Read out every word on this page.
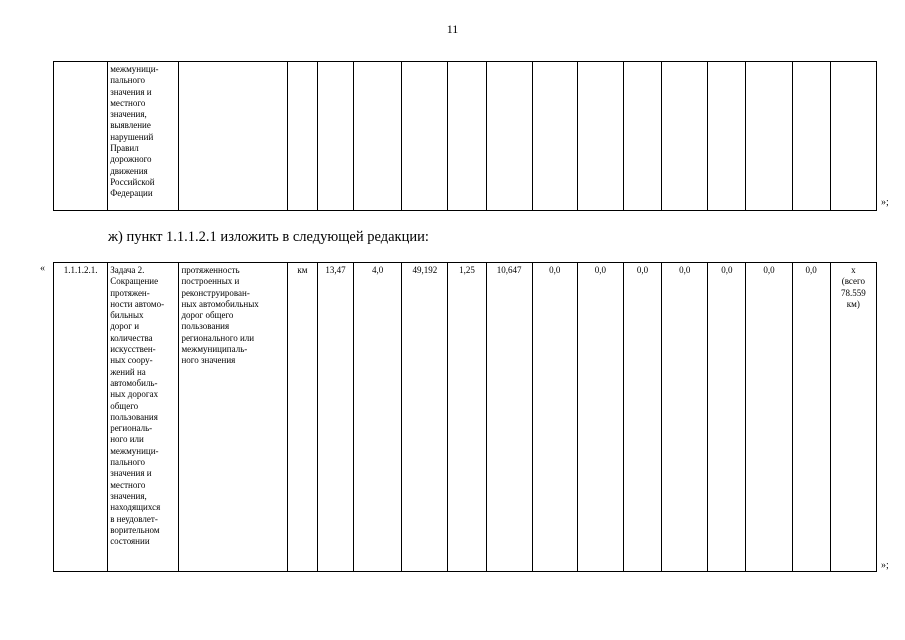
11
	межмуници-
пального
значения и
местного
значения,
выявление
нарушений
Правил
дорожного
движения
Российской
Федерации															
»;
ж) пункт 1.1.1.2.1 изложить в следующей редакции:
« 1.1.1.2.1.	Задача 2.
Сокращение
протяжен-
ности автомо-
бильных
дорог и
количества
искусствен-
ных соору-
жений на
автомобиль-
ных дорогах
общего
пользования
региональ-
ного или
межмуници-
пального
значения и
местного
значения,
находящихся
в неудовлет-
ворительном
состоянии	протяженность
построенных и
реконструирован-
ных автомобильных
дорог общего
пользования
регионального или
межмуниципаль-
ного значения	км	13,47	4,0	49,192	1,25	10,647	0,0	0,0	0,0	0,0	0,0	0,0	0,0	х
(всего
78.559
км)
»;
